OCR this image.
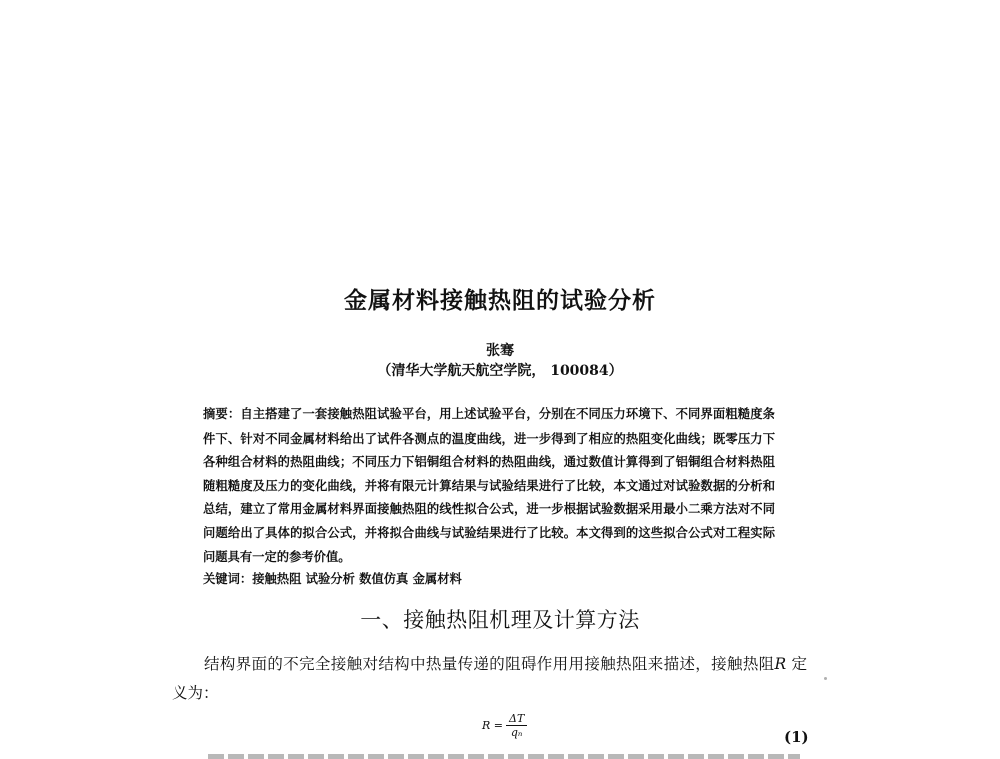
金属材料接触热阻的试验分析
张骞
（清华大学航天航空学院， 100084）

摘要：自主搭建了一套接触热阻试验平台，用上述试验平台，分别在不同压力环境下、不同界面粗糙度条件下、针对不同金属材料给出了试件各测点的温度曲线，进一步得到了相应的热阻变化曲线；既零压力下各种组合材料的热阻曲线；不同压力下铝铜组合材料的热阻曲线，通过数值计算得到了铝铜组合材料热阻随粗糙度及压力的变化曲线，并将有限元计算结果与试验结果进行了比较，本文通过对试验数据的分析和总结，建立了常用金属材料界面接触热阻的线性拟合公式，进一步根据试验数据采用最小二乘方法对不同问题给出了具体的拟合公式，并将拟合曲线与试验结果进行了比较。本文得到的这些拟合公式对工程实际问题具有一定的参考价值。

关键词：接触热阻 试验分析 数值仿真 金属材料

一、接触热阻机理及计算方法

结构界面的不完全接触对结构中热量传递的阻碍作用用接触热阻来描述，接触热阻R 定义为：

$R = \frac{\Delta T}{\text{qₙ}}$	(1)
